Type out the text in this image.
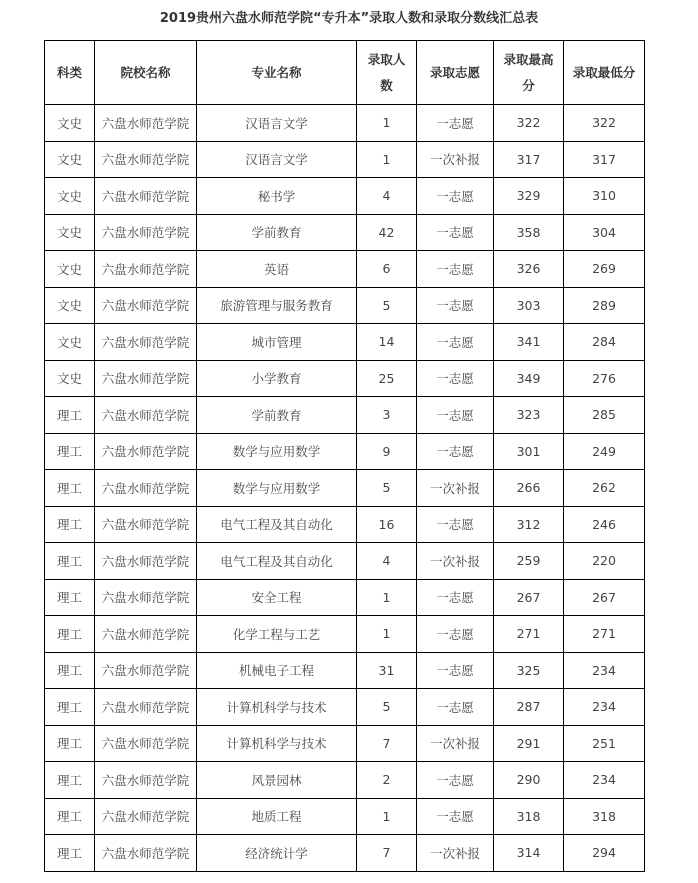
2019贵州六盘水师范学院“专升本”录取人数和录取分数线汇总表
科类	院校名称	专业名称	录取人数	录取志愿	录取最高分	录取最低分
文史	六盘水师范学院	汉语言文学	1	一志愿	322	322
文史	六盘水师范学院	汉语言文学	1	一次补报	317	317
文史	六盘水师范学院	秘书学	4	一志愿	329	310
文史	六盘水师范学院	学前教育	42	一志愿	358	304
文史	六盘水师范学院	英语	6	一志愿	326	269
文史	六盘水师范学院	旅游管理与服务教育	5	一志愿	303	289
文史	六盘水师范学院	城市管理	14	一志愿	341	284
文史	六盘水师范学院	小学教育	25	一志愿	349	276
理工	六盘水师范学院	学前教育	3	一志愿	323	285
理工	六盘水师范学院	数学与应用数学	9	一志愿	301	249
理工	六盘水师范学院	数学与应用数学	5	一次补报	266	262
理工	六盘水师范学院	电气工程及其自动化	16	一志愿	312	246
理工	六盘水师范学院	电气工程及其自动化	4	一次补报	259	220
理工	六盘水师范学院	安全工程	1	一志愿	267	267
理工	六盘水师范学院	化学工程与工艺	1	一志愿	271	271
理工	六盘水师范学院	机械电子工程	31	一志愿	325	234
理工	六盘水师范学院	计算机科学与技术	5	一志愿	287	234
理工	六盘水师范学院	计算机科学与技术	7	一次补报	291	251
理工	六盘水师范学院	风景园林	2	一志愿	290	234
理工	六盘水师范学院	地质工程	1	一志愿	318	318
理工	六盘水师范学院	经济统计学	7	一次补报	314	294
